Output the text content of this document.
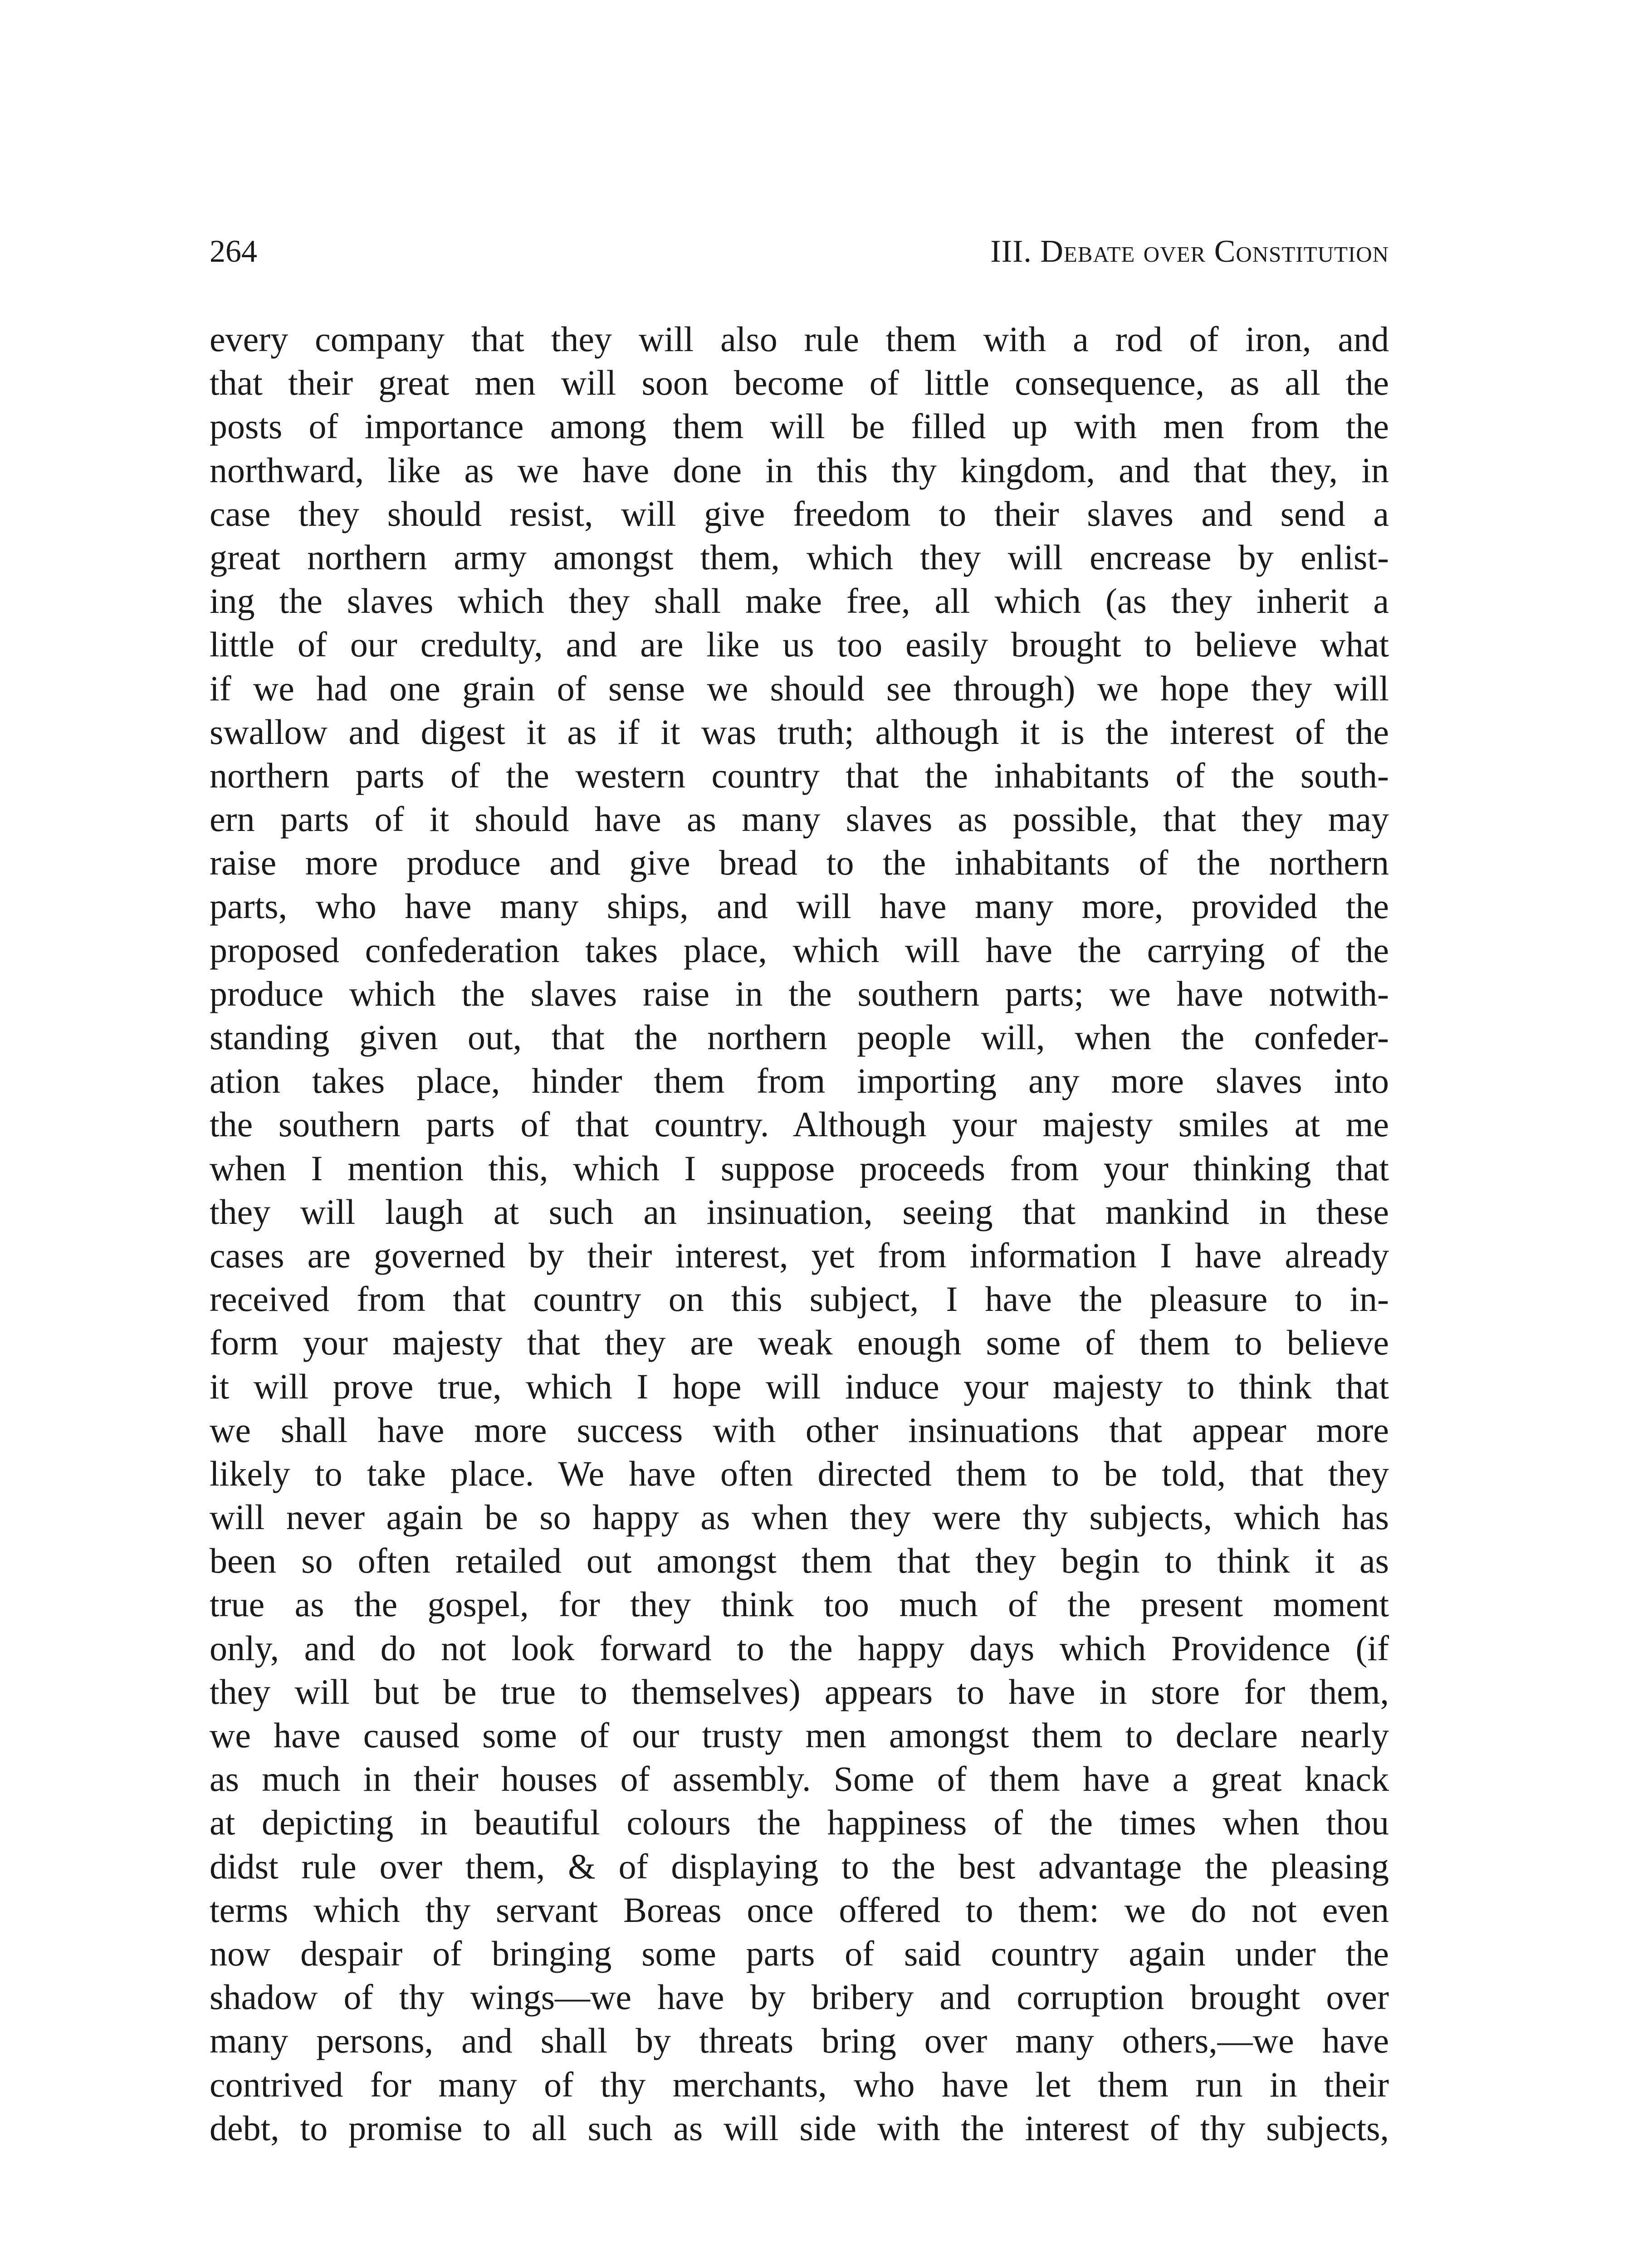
264	III. Debate over Constitution
every company that they will also rule them with a rod of iron, and
that their great men will soon become of little consequence, as all the
posts of importance among them will be filled up with men from the
northward, like as we have done in this thy kingdom, and that they, in
case they should resist, will give freedom to their slaves and send a
great northern army amongst them, which they will encrease by enlist-
ing the slaves which they shall make free, all which (as they inherit a
little of our credulty, and are like us too easily brought to believe what
if we had one grain of sense we should see through) we hope they will
swallow and digest it as if it was truth; although it is the interest of the
northern parts of the western country that the inhabitants of the south-
ern parts of it should have as many slaves as possible, that they may
raise more produce and give bread to the inhabitants of the northern
parts, who have many ships, and will have many more, provided the
proposed confederation takes place, which will have the carrying of the
produce which the slaves raise in the southern parts; we have notwith-
standing given out, that the northern people will, when the confeder-
ation takes place, hinder them from importing any more slaves into
the southern parts of that country. Although your majesty smiles at me
when I mention this, which I suppose proceeds from your thinking that
they will laugh at such an insinuation, seeing that mankind in these
cases are governed by their interest, yet from information I have already
received from that country on this subject, I have the pleasure to in-
form your majesty that they are weak enough some of them to believe
it will prove true, which I hope will induce your majesty to think that
we shall have more success with other insinuations that appear more
likely to take place. We have often directed them to be told, that they
will never again be so happy as when they were thy subjects, which has
been so often retailed out amongst them that they begin to think it as
true as the gospel, for they think too much of the present moment
only, and do not look forward to the happy days which Providence (if
they will but be true to themselves) appears to have in store for them,
we have caused some of our trusty men amongst them to declare nearly
as much in their houses of assembly. Some of them have a great knack
at depicting in beautiful colours the happiness of the times when thou
didst rule over them, & of displaying to the best advantage the pleasing
terms which thy servant Boreas once offered to them: we do not even
now despair of bringing some parts of said country again under the
shadow of thy wings—we have by bribery and corruption brought over
many persons, and shall by threats bring over many others,—we have
contrived for many of thy merchants, who have let them run in their
debt, to promise to all such as will side with the interest of thy subjects,
